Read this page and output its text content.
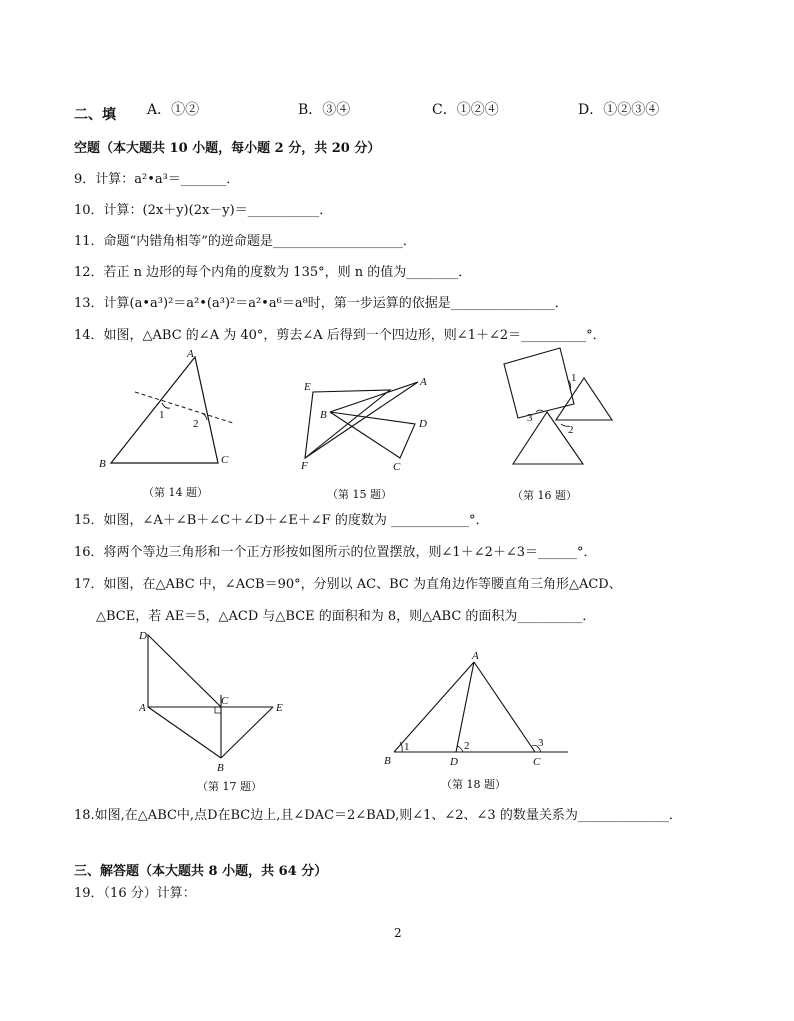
二、填 A．①②	B．③④	C．①②④	D．①②③④
空题（本大题共 10 小题，每小题 2 分，共 20 分）
9．计算：a²•a³＝_______．
10．计算：(2x＋y)(2x－y)＝___________．
11．命题“内错角相等”的逆命题是____________________．
12．若正 n 边形的每个内角的度数为 135°，则 n 的值为________．
13．计算(a•a³)²＝a²•(a³)²＝a²•a⁶＝a⁸时，第一步运算的依据是________________．
14．如图，△ABC 的∠A 为 40°，剪去∠A 后得到一个四边形，则∠1＋∠2＝__________°．
A
B	C
1
2
（第 14 题）
A
B
C
D
E
F
（第 15 题）
1
2
3
（第 16 题）
15．如图，∠A＋∠B＋∠C＋∠D＋∠E＋∠F 的度数为 ____________°．
16．将两个等边三角形和一个正方形按如图所示的位置摆放，则∠1＋∠2＋∠3＝______°．
17．如图，在△ABC 中，∠ACB＝90°，分别以 AC、BC 为直角边作等腰直角三角形△ACD、
△BCE，若 AE＝5，△ACD 与△BCE 的面积和为 8，则△ABC 的面积为__________．
A
B
C
D
E
（第 17 题）
A
B	C
D
1	2	3
（第 18 题）
18.如图,在△ABC中,点D在BC边上,且∠DAC＝2∠BAD,则∠1、∠2、∠3 的数量关系为______________．
三、解答题（本大题共 8 小题，共 64 分）
19．（16 分）计算：
2
